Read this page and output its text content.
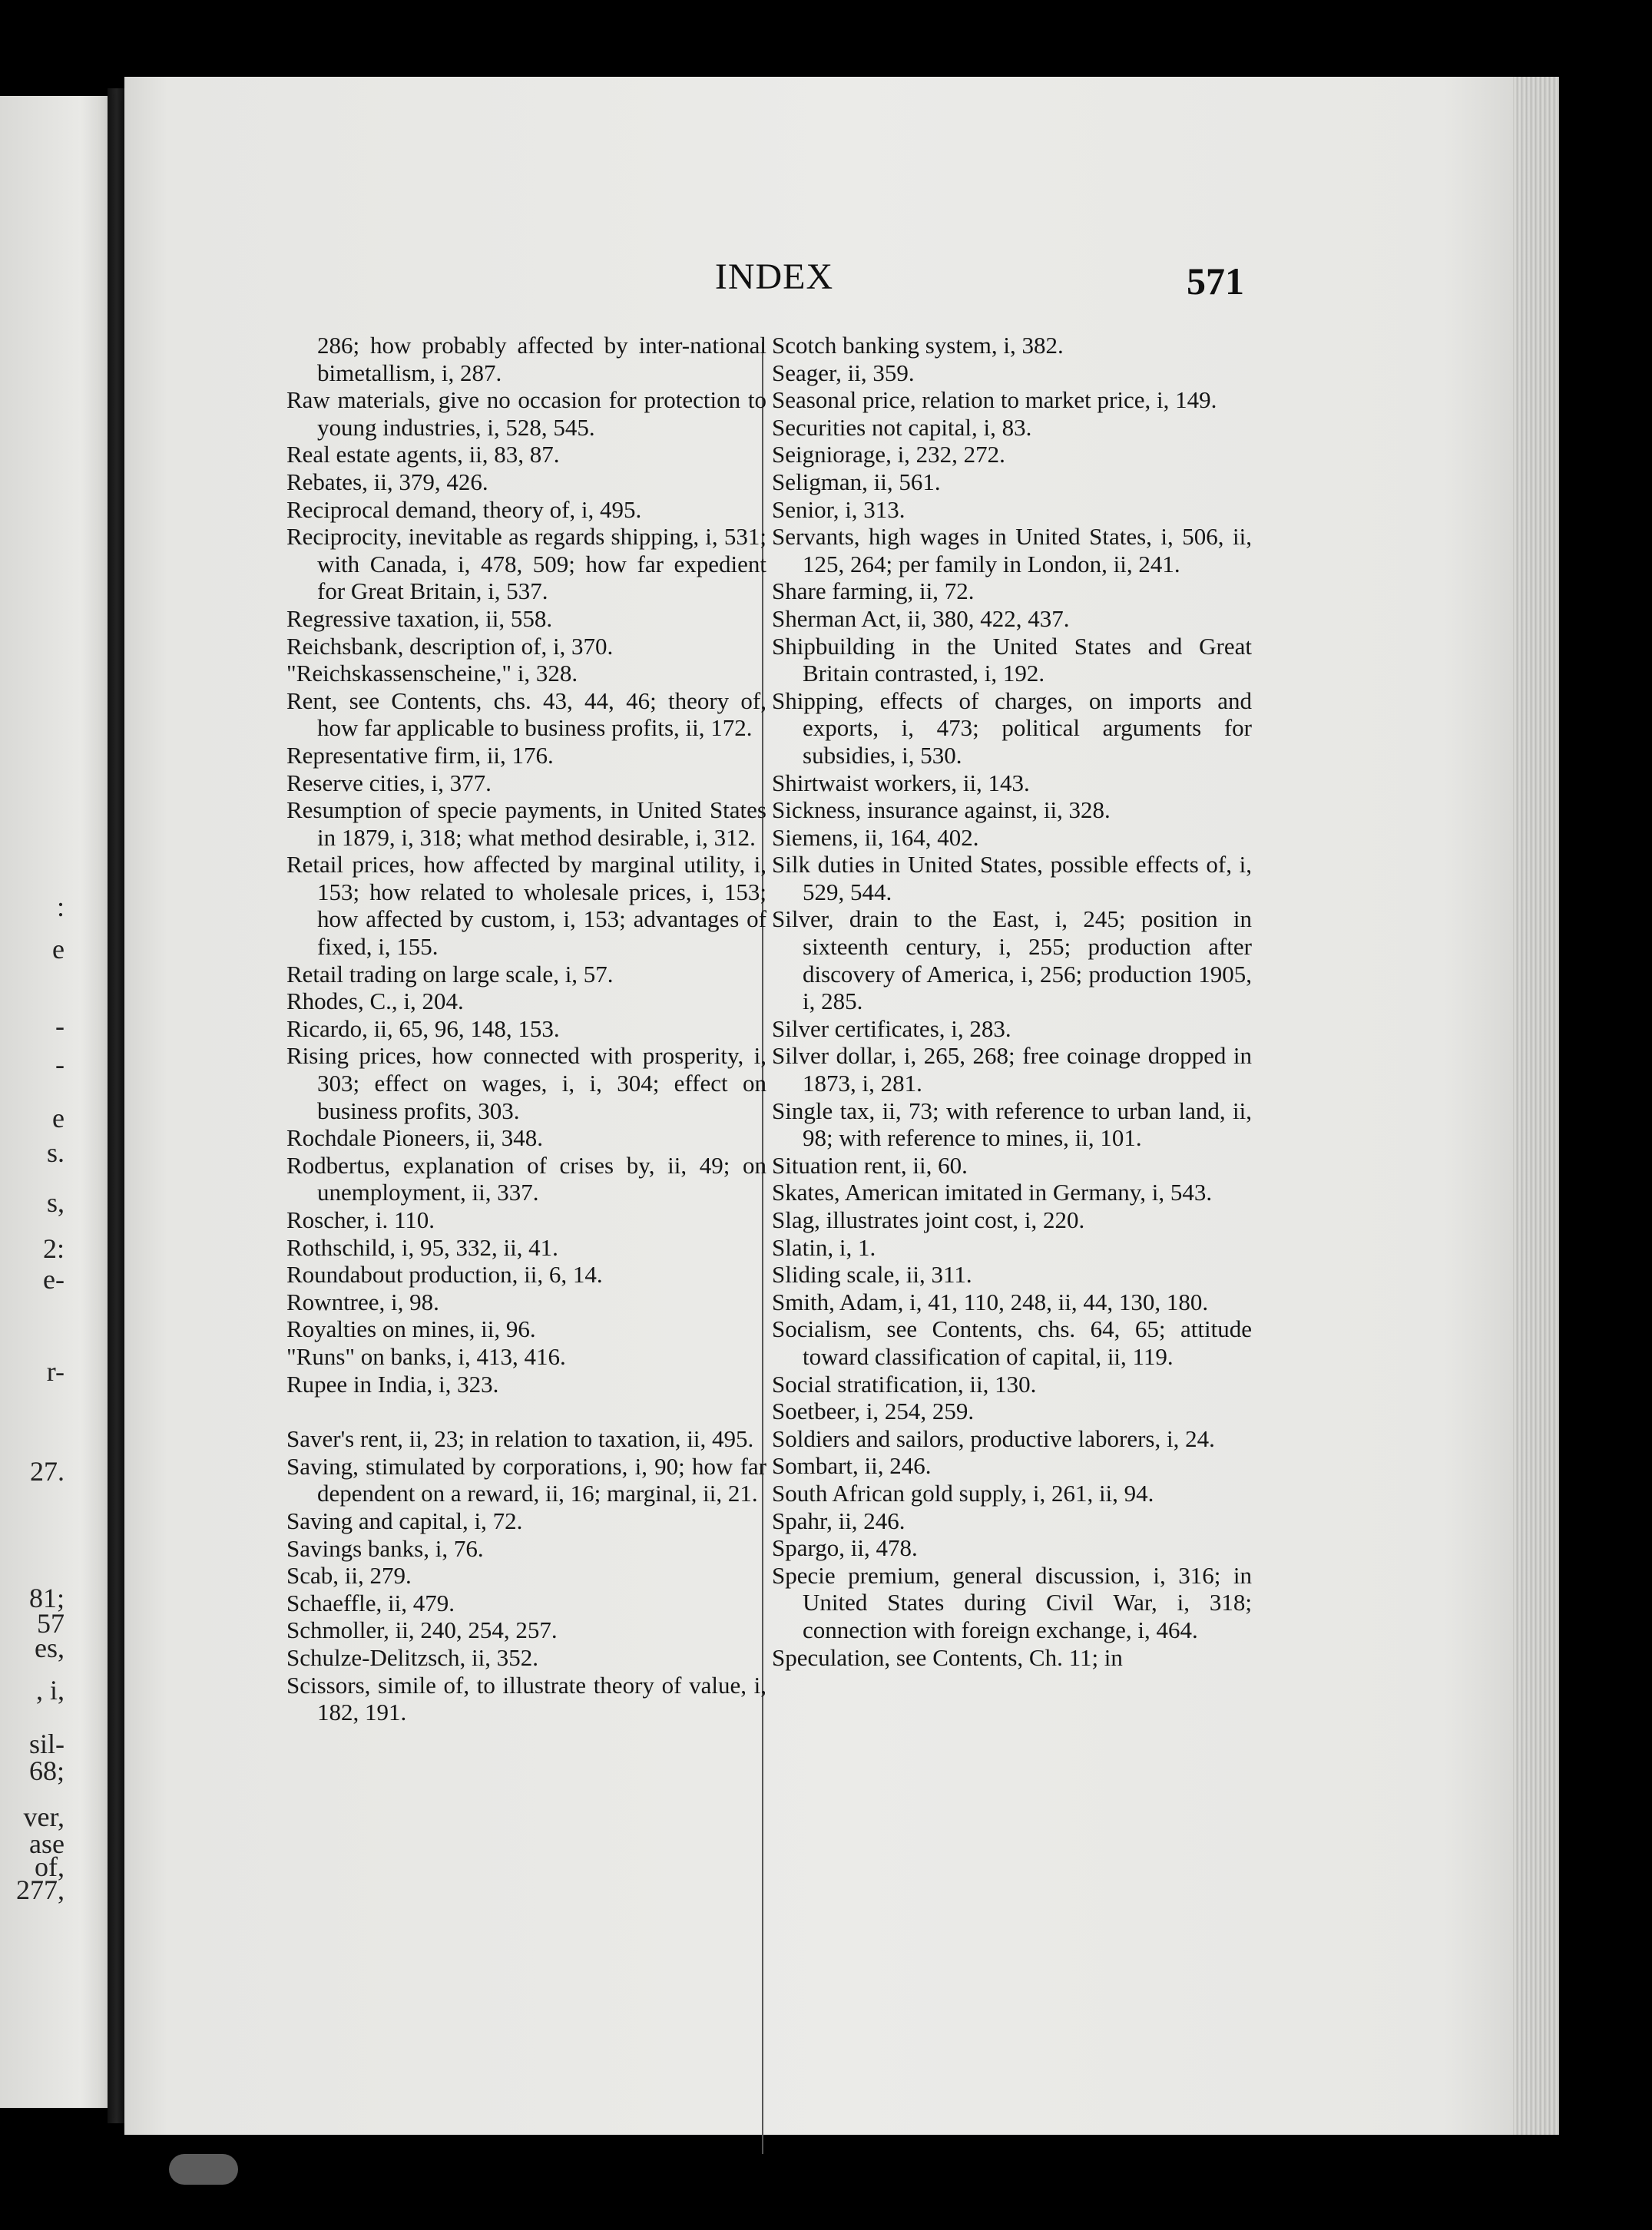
:
e
-
-
e
s.
s,
2:
e-
r-
27.
81;
57
es,
, i,
sil-
68;
ver,
ase
of,
277,
INDEX	571
286; how probably affected by inter-national bimetallism, i, 287.
Raw materials, give no occasion for protection to young industries, i, 528, 545.
Real estate agents, ii, 83, 87.
Rebates, ii, 379, 426.
Reciprocal demand, theory of, i, 495.
Reciprocity, inevitable as regards shipping, i, 531; with Canada, i, 478, 509; how far expedient for Great Britain, i, 537.
Regressive taxation, ii, 558.
Reichsbank, description of, i, 370.
"Reichskassenscheine," i, 328.
Rent, see Contents, chs. 43, 44, 46; theory of, how far applicable to business profits, ii, 172.
Representative firm, ii, 176.
Reserve cities, i, 377.
Resumption of specie payments, in United States in 1879, i, 318; what method desirable, i, 312.
Retail prices, how affected by marginal utility, i, 153; how related to wholesale prices, i, 153; how affected by custom, i, 153; advantages of fixed, i, 155.
Retail trading on large scale, i, 57.
Rhodes, C., i, 204.
Ricardo, ii, 65, 96, 148, 153.
Rising prices, how connected with prosperity, i, 303; effect on wages, i, i, 304; effect on business profits, 303.
Rochdale Pioneers, ii, 348.
Rodbertus, explanation of crises by, ii, 49; on unemployment, ii, 337.
Roscher, i. 110.
Rothschild, i, 95, 332, ii, 41.
Roundabout production, ii, 6, 14.
Rowntree, i, 98.
Royalties on mines, ii, 96.
"Runs" on banks, i, 413, 416.
Rupee in India, i, 323.
Saver's rent, ii, 23; in relation to taxation, ii, 495.
Saving, stimulated by corporations, i, 90; how far dependent on a reward, ii, 16; marginal, ii, 21.
Saving and capital, i, 72.
Savings banks, i, 76.
Scab, ii, 279.
Schaeffle, ii, 479.
Schmoller, ii, 240, 254, 257.
Schulze-Delitzsch, ii, 352.
Scissors, simile of, to illustrate theory of value, i, 182, 191.
Scotch banking system, i, 382.
Seager, ii, 359.
Seasonal price, relation to market price, i, 149.
Securities not capital, i, 83.
Seigniorage, i, 232, 272.
Seligman, ii, 561.
Senior, i, 313.
Servants, high wages in United States, i, 506, ii, 125, 264; per family in London, ii, 241.
Share farming, ii, 72.
Sherman Act, ii, 380, 422, 437.
Shipbuilding in the United States and Great Britain contrasted, i, 192.
Shipping, effects of charges, on imports and exports, i, 473; political arguments for subsidies, i, 530.
Shirtwaist workers, ii, 143.
Sickness, insurance against, ii, 328.
Siemens, ii, 164, 402.
Silk duties in United States, possible effects of, i, 529, 544.
Silver, drain to the East, i, 245; position in sixteenth century, i, 255; production after discovery of America, i, 256; production 1905, i, 285.
Silver certificates, i, 283.
Silver dollar, i, 265, 268; free coinage dropped in 1873, i, 281.
Single tax, ii, 73; with reference to urban land, ii, 98; with reference to mines, ii, 101.
Situation rent, ii, 60.
Skates, American imitated in Germany, i, 543.
Slag, illustrates joint cost, i, 220.
Slatin, i, 1.
Sliding scale, ii, 311.
Smith, Adam, i, 41, 110, 248, ii, 44, 130, 180.
Socialism, see Contents, chs. 64, 65; attitude toward classification of capital, ii, 119.
Social stratification, ii, 130.
Soetbeer, i, 254, 259.
Soldiers and sailors, productive laborers, i, 24.
Sombart, ii, 246.
South African gold supply, i, 261, ii, 94.
Spahr, ii, 246.
Spargo, ii, 478.
Specie premium, general discussion, i, 316; in United States during Civil War, i, 318; connection with foreign exchange, i, 464.
Speculation, see Contents, Ch. 11; in
